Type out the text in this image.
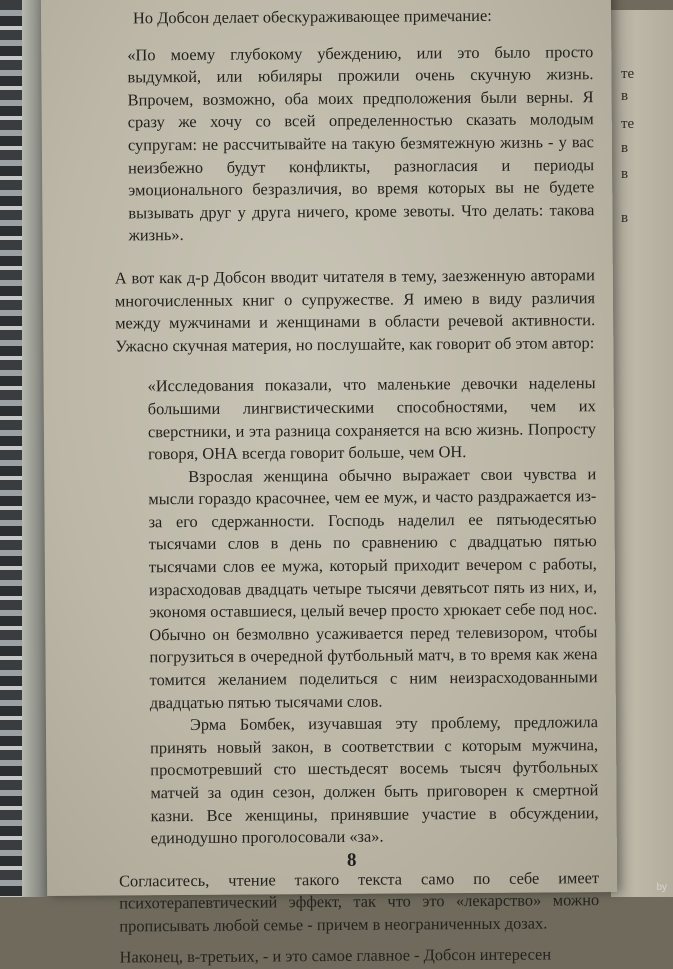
те
в
те
в
в
в

Но Добсон делает обескураживающее примечание:

«По моему глубокому убеждению, или это было просто выдумкой, или юбиляры прожили очень скучную жизнь. Впрочем, возможно, оба моих предположения были верны. Я сразу же хочу со всей определенностью сказать молодым супругам: не рассчитывайте на такую безмятежную жизнь - у вас неизбежно будут конфликты, разногласия и периоды эмоционального безразличия, во время которых вы не будете вызывать друг у друга ничего, кроме зевоты. Что делать: такова жизнь».

А вот как д-р Добсон вводит читателя в тему, заезженную авторами многочисленных книг о супружестве. Я имею в виду различия между мужчинами и женщинами в области речевой активности. Ужасно скучная материя, но послушайте, как говорит об этом автор:

«Исследования показали, что маленькие девочки наделены большими лингвистическими способностями, чем их сверстники, и эта разница сохраняется на всю жизнь. Попросту говоря, ОНА всегда говорит больше, чем ОН.

Взрослая женщина обычно выражает свои чувства и мысли гораздо красочнее, чем ее муж, и часто раздражается из-за его сдержанности. Господь наделил ее пятьюдесятью тысячами слов в день по сравнению с двадцатью пятью тысячами слов ее мужа, который приходит вечером с работы, израсходовав двадцать четыре тысячи девятьсот пять из них, и, экономя оставшиеся, целый вечер просто хрюкает себе под нос. Обычно он безмолвно усаживается перед телевизором, чтобы погрузиться в очередной футбольный матч, в то время как жена томится желанием поделиться с ним неизрасходованными двадцатью пятью тысячами слов.

Эрма Бомбек, изучавшая эту проблему, предложила принять новый закон, в соответствии с которым мужчина, просмотревший сто шестьдесят восемь тысяч футбольных матчей за один сезон, должен быть приговорен к смертной казни. Все женщины, принявшие участие в обсуждении, единодушно проголосовали «за».

Согласитесь, чтение такого текста само по себе имеет психотерапевтический эффект, так что это «лекарство» можно прописывать любой семье - причем в неограниченных дозах.

Наконец, в-третьих, - и это самое главное - Добсон интересен

8
by
